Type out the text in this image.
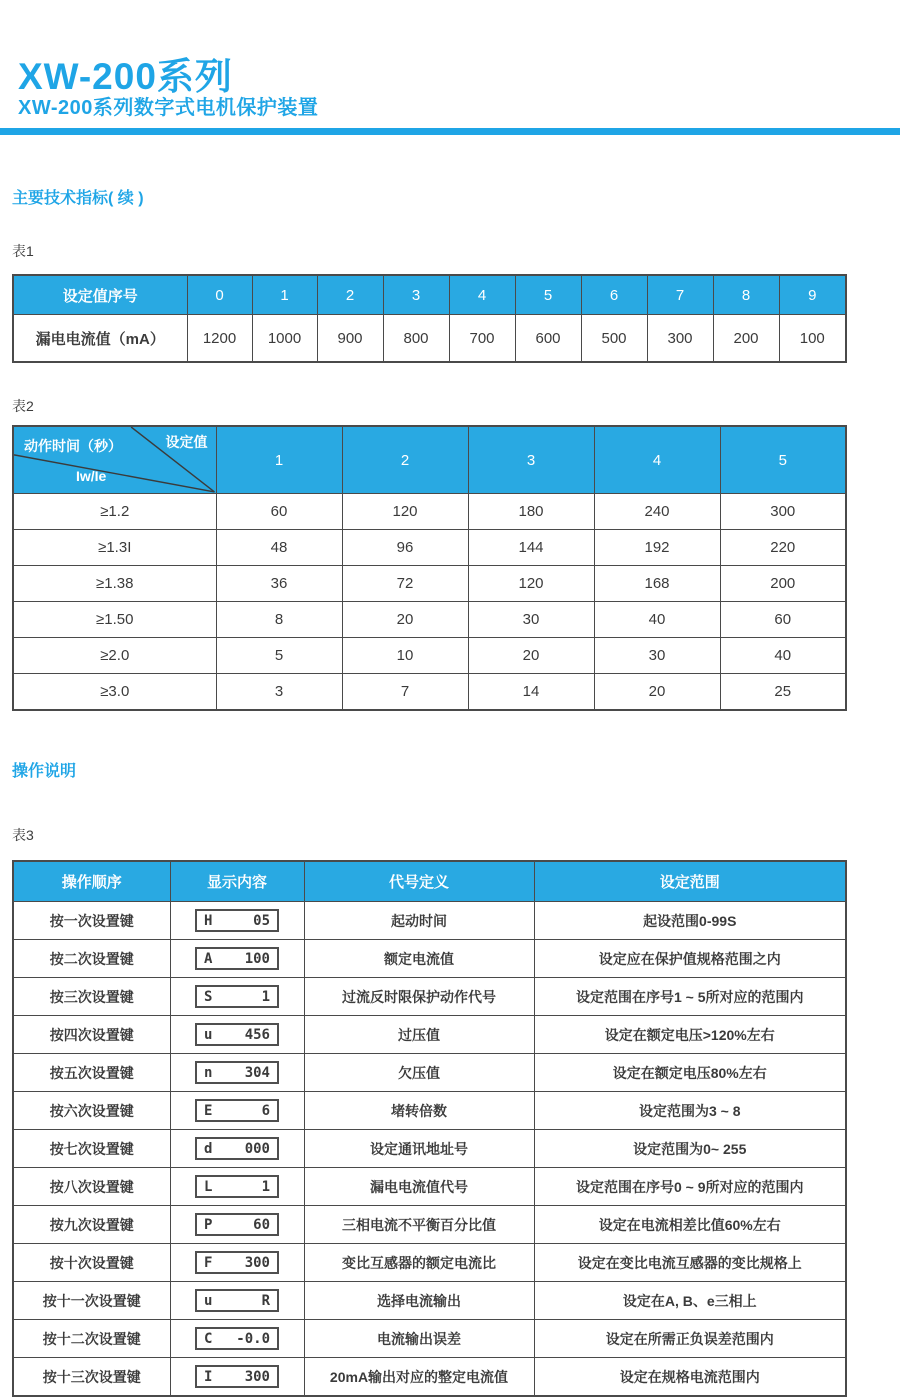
XW-200系列
XW-200系列数字式电机保护装置
主要技术指标( 续 )
表1
设定值序号	0	1	2	3	4	5	6	7	8	9
漏电电流值（mA）	1200	1000	900	800	700	600	500	300	200	100
表2
动作时间（秒） 设定值
Iw/Ie	1	2	3	4	5
≥1.2	60	120	180	240	300
≥1.3I	48	96	144	192	220
≥1.38	36	72	120	168	200
≥1.50	8	20	30	40	60
≥2.0	5	10	20	30	40
≥3.0	3	7	14	20	25
操作说明
表3
操作顺序	显示内容	代号定义	设定范围
按一次设置键	H 05	起动时间	起设范围0-99S
按二次设置键	A 100	额定电流值	设定应在保护值规格范围之内
按三次设置键	S 1	过流反时限保护动作代号	设定范围在序号1 ~ 5所对应的范围内
按四次设置键	u 456	过压值	设定在额定电压>120%左右
按五次设置键	n 304	欠压值	设定在额定电压80%左右
按六次设置键	E 6	堵转倍数	设定范围为3 ~ 8
按七次设置键	d 000	设定通讯地址号	设定范围为0~ 255
按八次设置键	L 1	漏电电流值代号	设定范围在序号0 ~ 9所对应的范围内
按九次设置键	P 60	三相电流不平衡百分比值	设定在电流相差比值60%左右
按十次设置键	F 300	变比互感器的额定电流比	设定在变比电流互感器的变比规格上
按十一次设置键	u R	选择电流输出	设定在A, B、e三相上
按十二次设置键	C -0.0	电流输出误差	设定在所需正负误差范围内
按十三次设置键	I 300	20mA输出对应的整定电流值	设定在规格电流范围内
